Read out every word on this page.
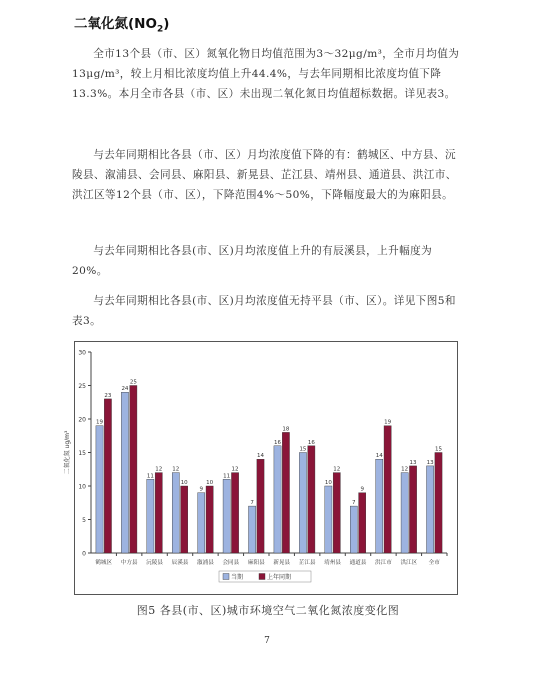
二氧化氮$(NO_2)$

全市13个县（市、区）氮氧化物日均值范围为3～32μg/m³，全市月均值为13μg/m³，较上月相比浓度均值上升44.4%，与去年同期相比浓度均值下降13.3%。本月全市各县（市、区）未出现二氧化氮日均值超标数据。详见表3。

与去年同期相比各县（市、区）月均浓度值下降的有：鹤城区、中方县、沅陵县、溆浦县、会同县、麻阳县、新晃县、芷江县、靖州县、通道县、洪江市、洪江区等12个县（市、区），下降范围4%～50%，下降幅度最大的为麻阳县。

与去年同期相比各县(市、区)月均浓度值上升的有辰溪县，上升幅度为20%。

与去年同期相比各县(市、区)月均浓度值无持平县（市、区）。详见下图5和表3。

0
5
10
15
20
25
30
二氧化氮 ug/m³
19
23
鹤城区
24
25
中方县
11
12
沅陵县
12
10
辰溪县
9
10
溆浦县
11
12
会同县
7
14
麻阳县
16
18
新晃县
15
16
芷江县
10
12
靖州县
7
9
通道县
14
19
洪江市
12
13
洪江区
13
15
全市
当期	上年同期
图5 各县(市、区)城市环境空气二氧化氮浓度变化图
7
